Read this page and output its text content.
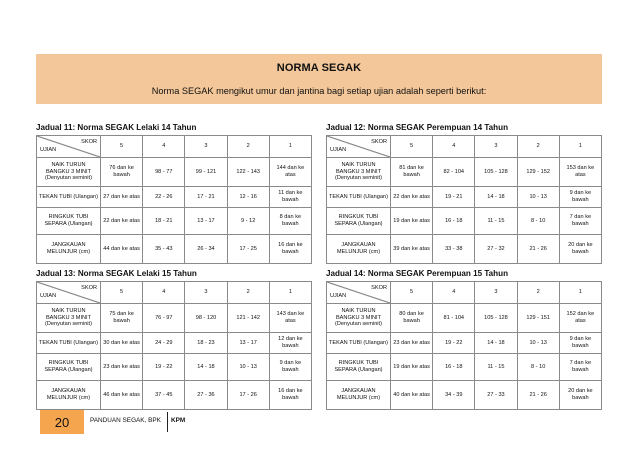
NORMA SEGAK
Norma SEGAK mengikut umur dan jantina bagi setiap ujian adalah seperti berikut:
Jadual 11: Norma SEGAK Lelaki 14 Tahun
SKOR
UJIAN	5	4	3	2	1
NAIK TURUN BANGKU 3 MINIT (Denyutan seminit)	76 dan ke bawah	98 - 77	99 - 121	122 - 143	144 dan ke atas
TEKAN TUBI (Ulangan)	27 dan ke atas	22 - 26	17 - 21	12 - 16	11 dan ke bawah
RINGKUK TUBI SEPARA (Ulangan)	22 dan ke atas	18 - 21	13 - 17	9 - 12	8 dan ke bawah
JANGKAUAN MELUNJUR (cm)	44 dan ke atas	35 - 43	26 - 34	17 - 25	16 dan ke bawah
Jadual 12: Norma SEGAK Perempuan 14 Tahun
SKOR
UJIAN	5	4	3	2	1
NAIK TURUN BANGKU 3 MINIT (Denyutan seminit)	81 dan ke bawah	82 - 104	105 - 128	129 - 152	153 dan ke atas
TEKAN TUBI (Ulangan)	22 dan ke atas	19 - 21	14 - 18	10 - 13	9 dan ke bawah
RINGKUK TUBI SEPARA (Ulangan)	19 dan ke atas	16 - 18	11 - 15	8 - 10	7 dan ke bawah
JANGKAUAN MELUNJUR (cm)	39 dan ke atas	33 - 38	27 - 32	21 - 26	20 dan ke bawah
Jadual 13: Norma SEGAK Lelaki 15 Tahun
SKOR
UJIAN	5	4	3	2	1
NAIK TURUN BANGKU 3 MINIT (Denyutan seminit)	75 dan ke bawah	76 - 97	98 - 120	121 - 142	143 dan ke atas
TEKAN TUBI (Ulangan)	30 dan ke atas	24 - 29	18 - 23	13 - 17	12 dan ke bawah
RINGKUK TUBI SEPARA (Ulangan)	23 dan ke atas	19 - 22	14 - 18	10 - 13	9 dan ke bawah
JANGKAUAN MELUNJUR (cm)	46 dan ke atas	37 - 45	27 - 36	17 - 26	16 dan ke bawah
Jadual 14: Norma SEGAK Perempuan 15 Tahun
SKOR
UJIAN	5	4	3	2	1
NAIK TURUN BANGKU 3 MINIT (Denyutan seminit)	80 dan ke bawah	81 - 104	105 - 128	129 - 151	152 dan ke atas
TEKAN TUBI (Ulangan)	23 dan ke atas	19 - 22	14 - 18	10 - 13	9 dan ke bawah
RINGKUK TUBI SEPARA (Ulangan)	19 dan ke atas	16 - 18	11 - 15	8 - 10	7 dan ke bawah
JANGKAUAN MELUNJUR (cm)	40 dan ke atas	34 - 39	27 - 33	21 - 26	20 dan ke bawah
20	PANDUAN SEGAK, BPK KPM
